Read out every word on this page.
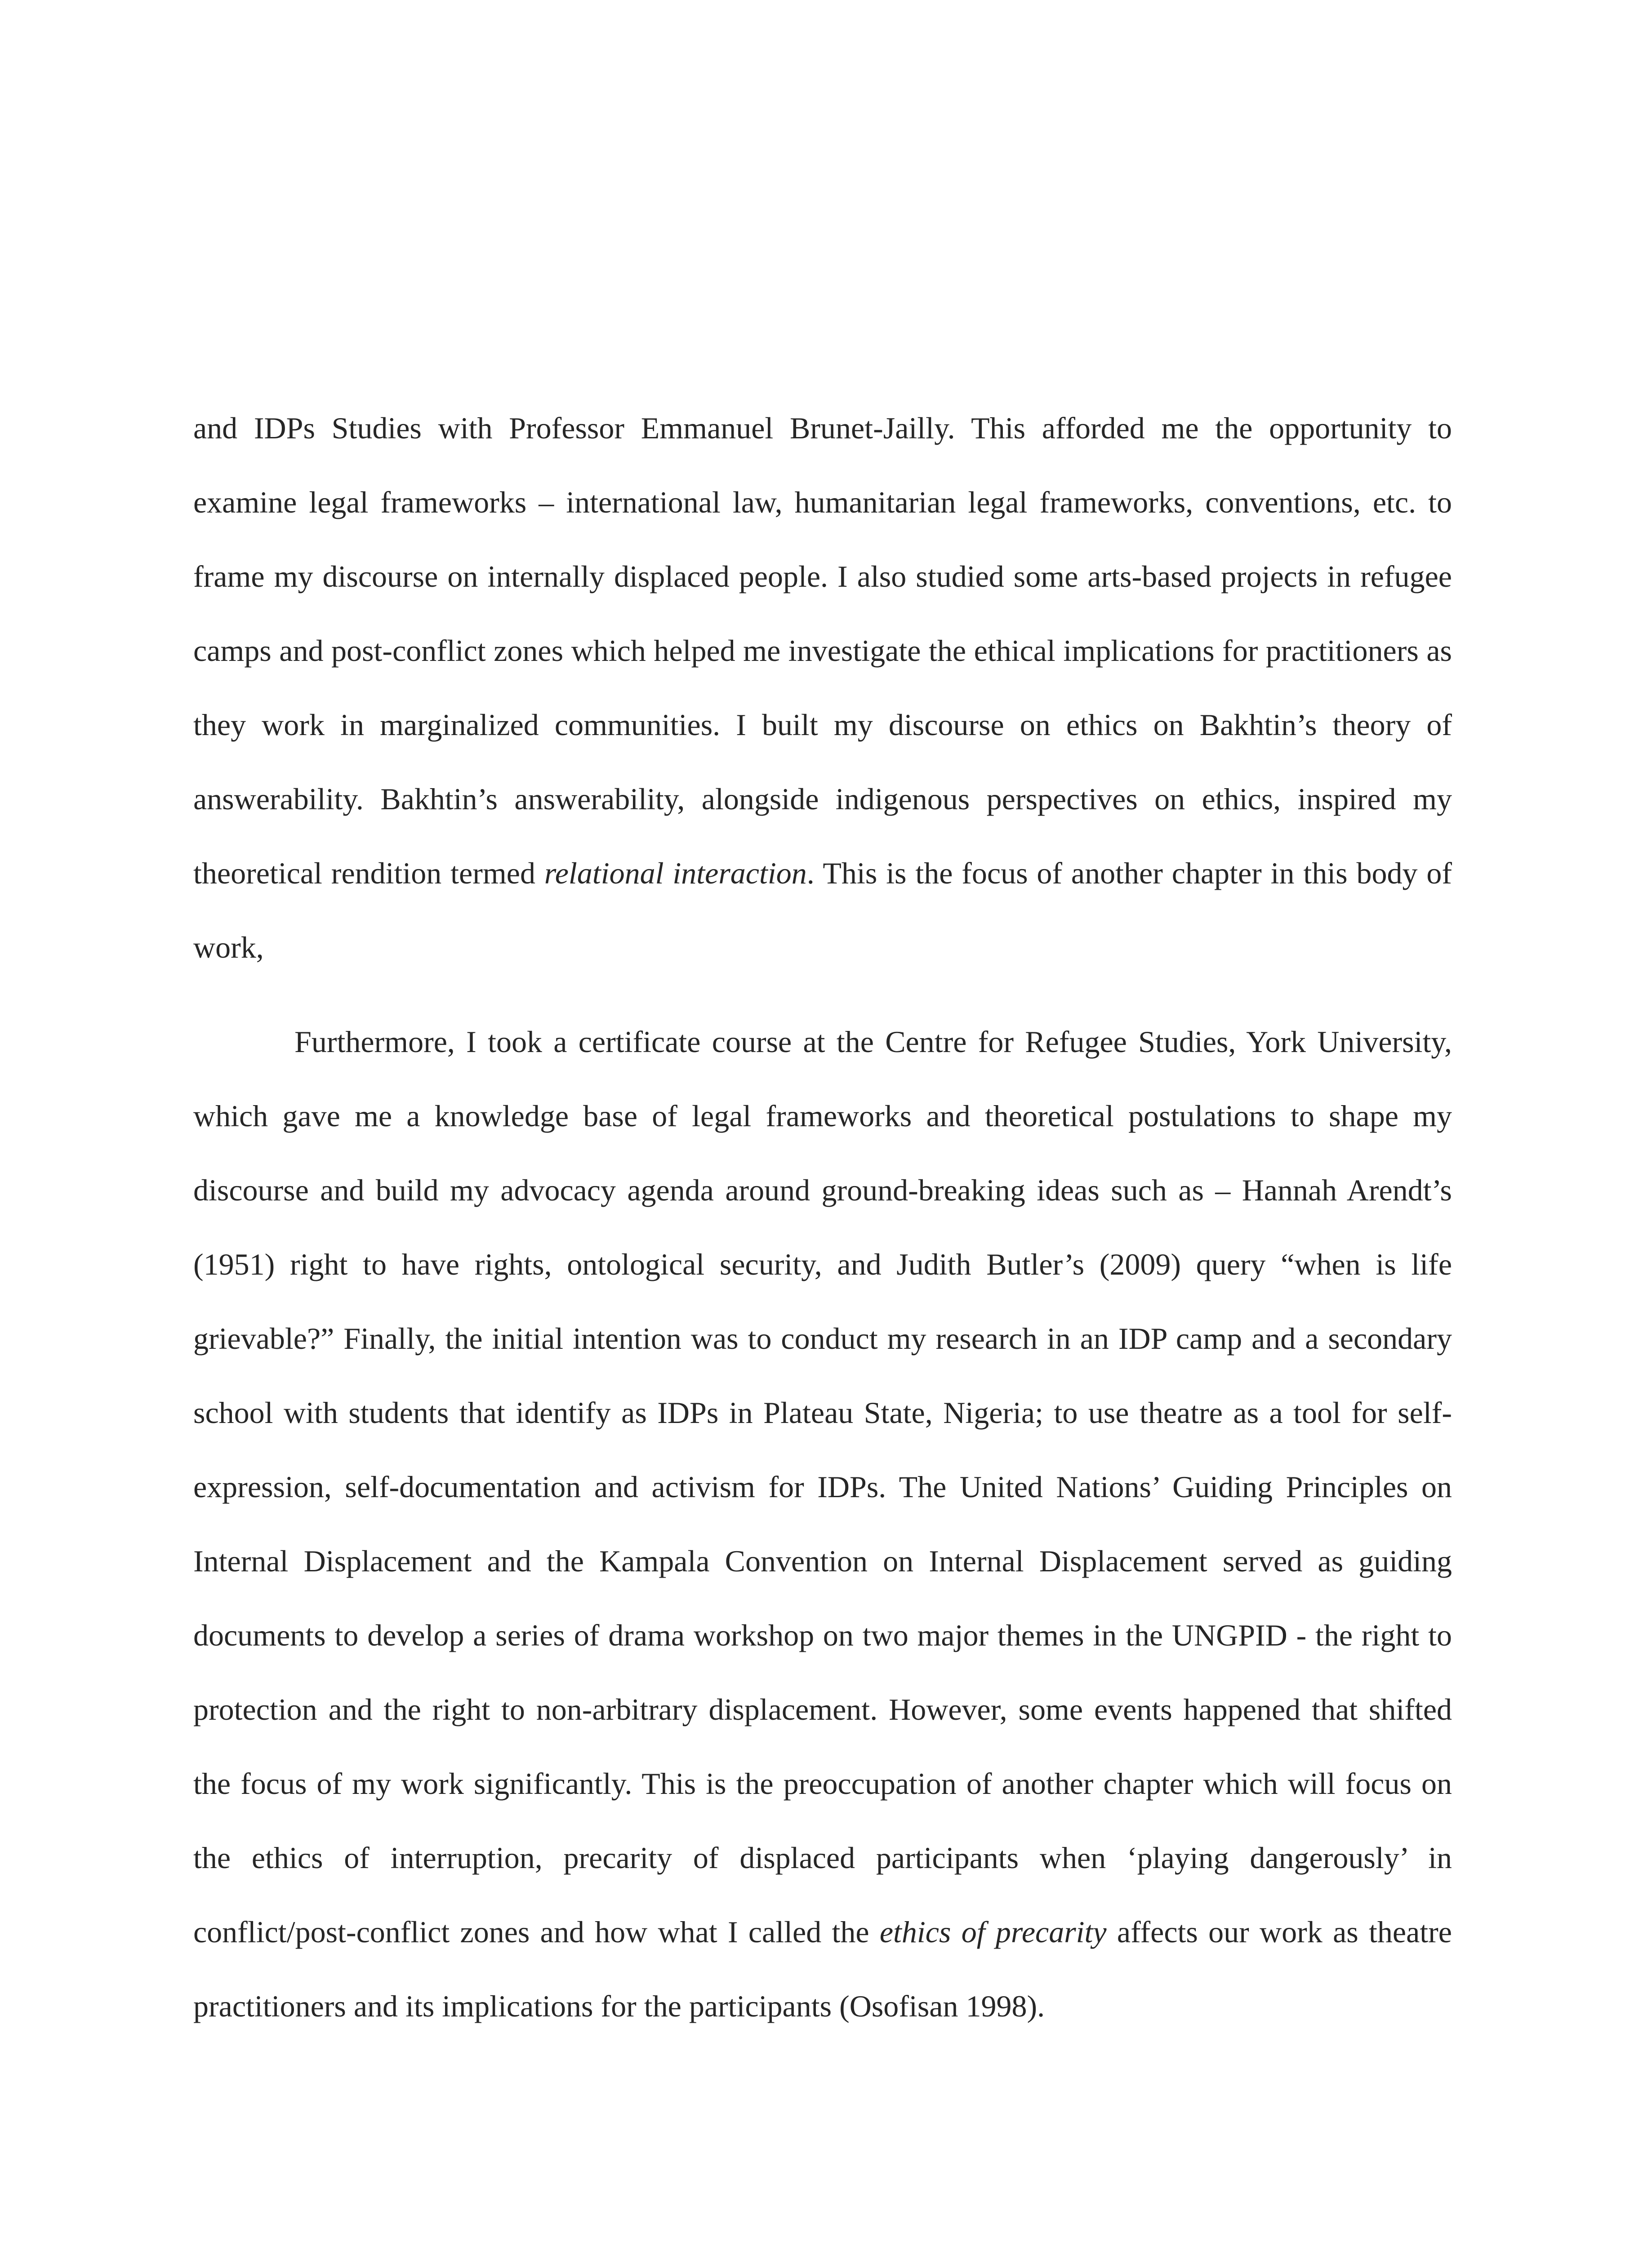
and IDPs Studies with Professor Emmanuel Brunet-Jailly. This afforded me the opportunity to examine legal frameworks – international law, humanitarian legal frameworks, conventions, etc. to frame my discourse on internally displaced people. I also studied some arts-based projects in refugee camps and post-conflict zones which helped me investigate the ethical implications for practitioners as they work in marginalized communities. I built my discourse on ethics on Bakhtin’s theory of answerability. Bakhtin’s answerability, alongside indigenous perspectives on ethics, inspired my theoretical rendition termed relational interaction. This is the focus of another chapter in this body of work,

Furthermore, I took a certificate course at the Centre for Refugee Studies, York University, which gave me a knowledge base of legal frameworks and theoretical postulations to shape my discourse and build my advocacy agenda around ground-breaking ideas such as – Hannah Arendt’s (1951) right to have rights, ontological security, and Judith Butler’s (2009) query “when is life grievable?” Finally, the initial intention was to conduct my research in an IDP camp and a secondary school with students that identify as IDPs in Plateau State, Nigeria; to use theatre as a tool for self-expression, self-documentation and activism for IDPs. The United Nations’ Guiding Principles on Internal Displacement and the Kampala Convention on Internal Displacement served as guiding documents to develop a series of drama workshop on two major themes in the UNGPID - the right to protection and the right to non-arbitrary displacement. However, some events happened that shifted the focus of my work significantly. This is the preoccupation of another chapter which will focus on the ethics of interruption, precarity of displaced participants when ‘playing dangerously’ in conflict/post-conflict zones and how what I called the ethics of precarity affects our work as theatre practitioners and its implications for the participants (Osofisan 1998).
